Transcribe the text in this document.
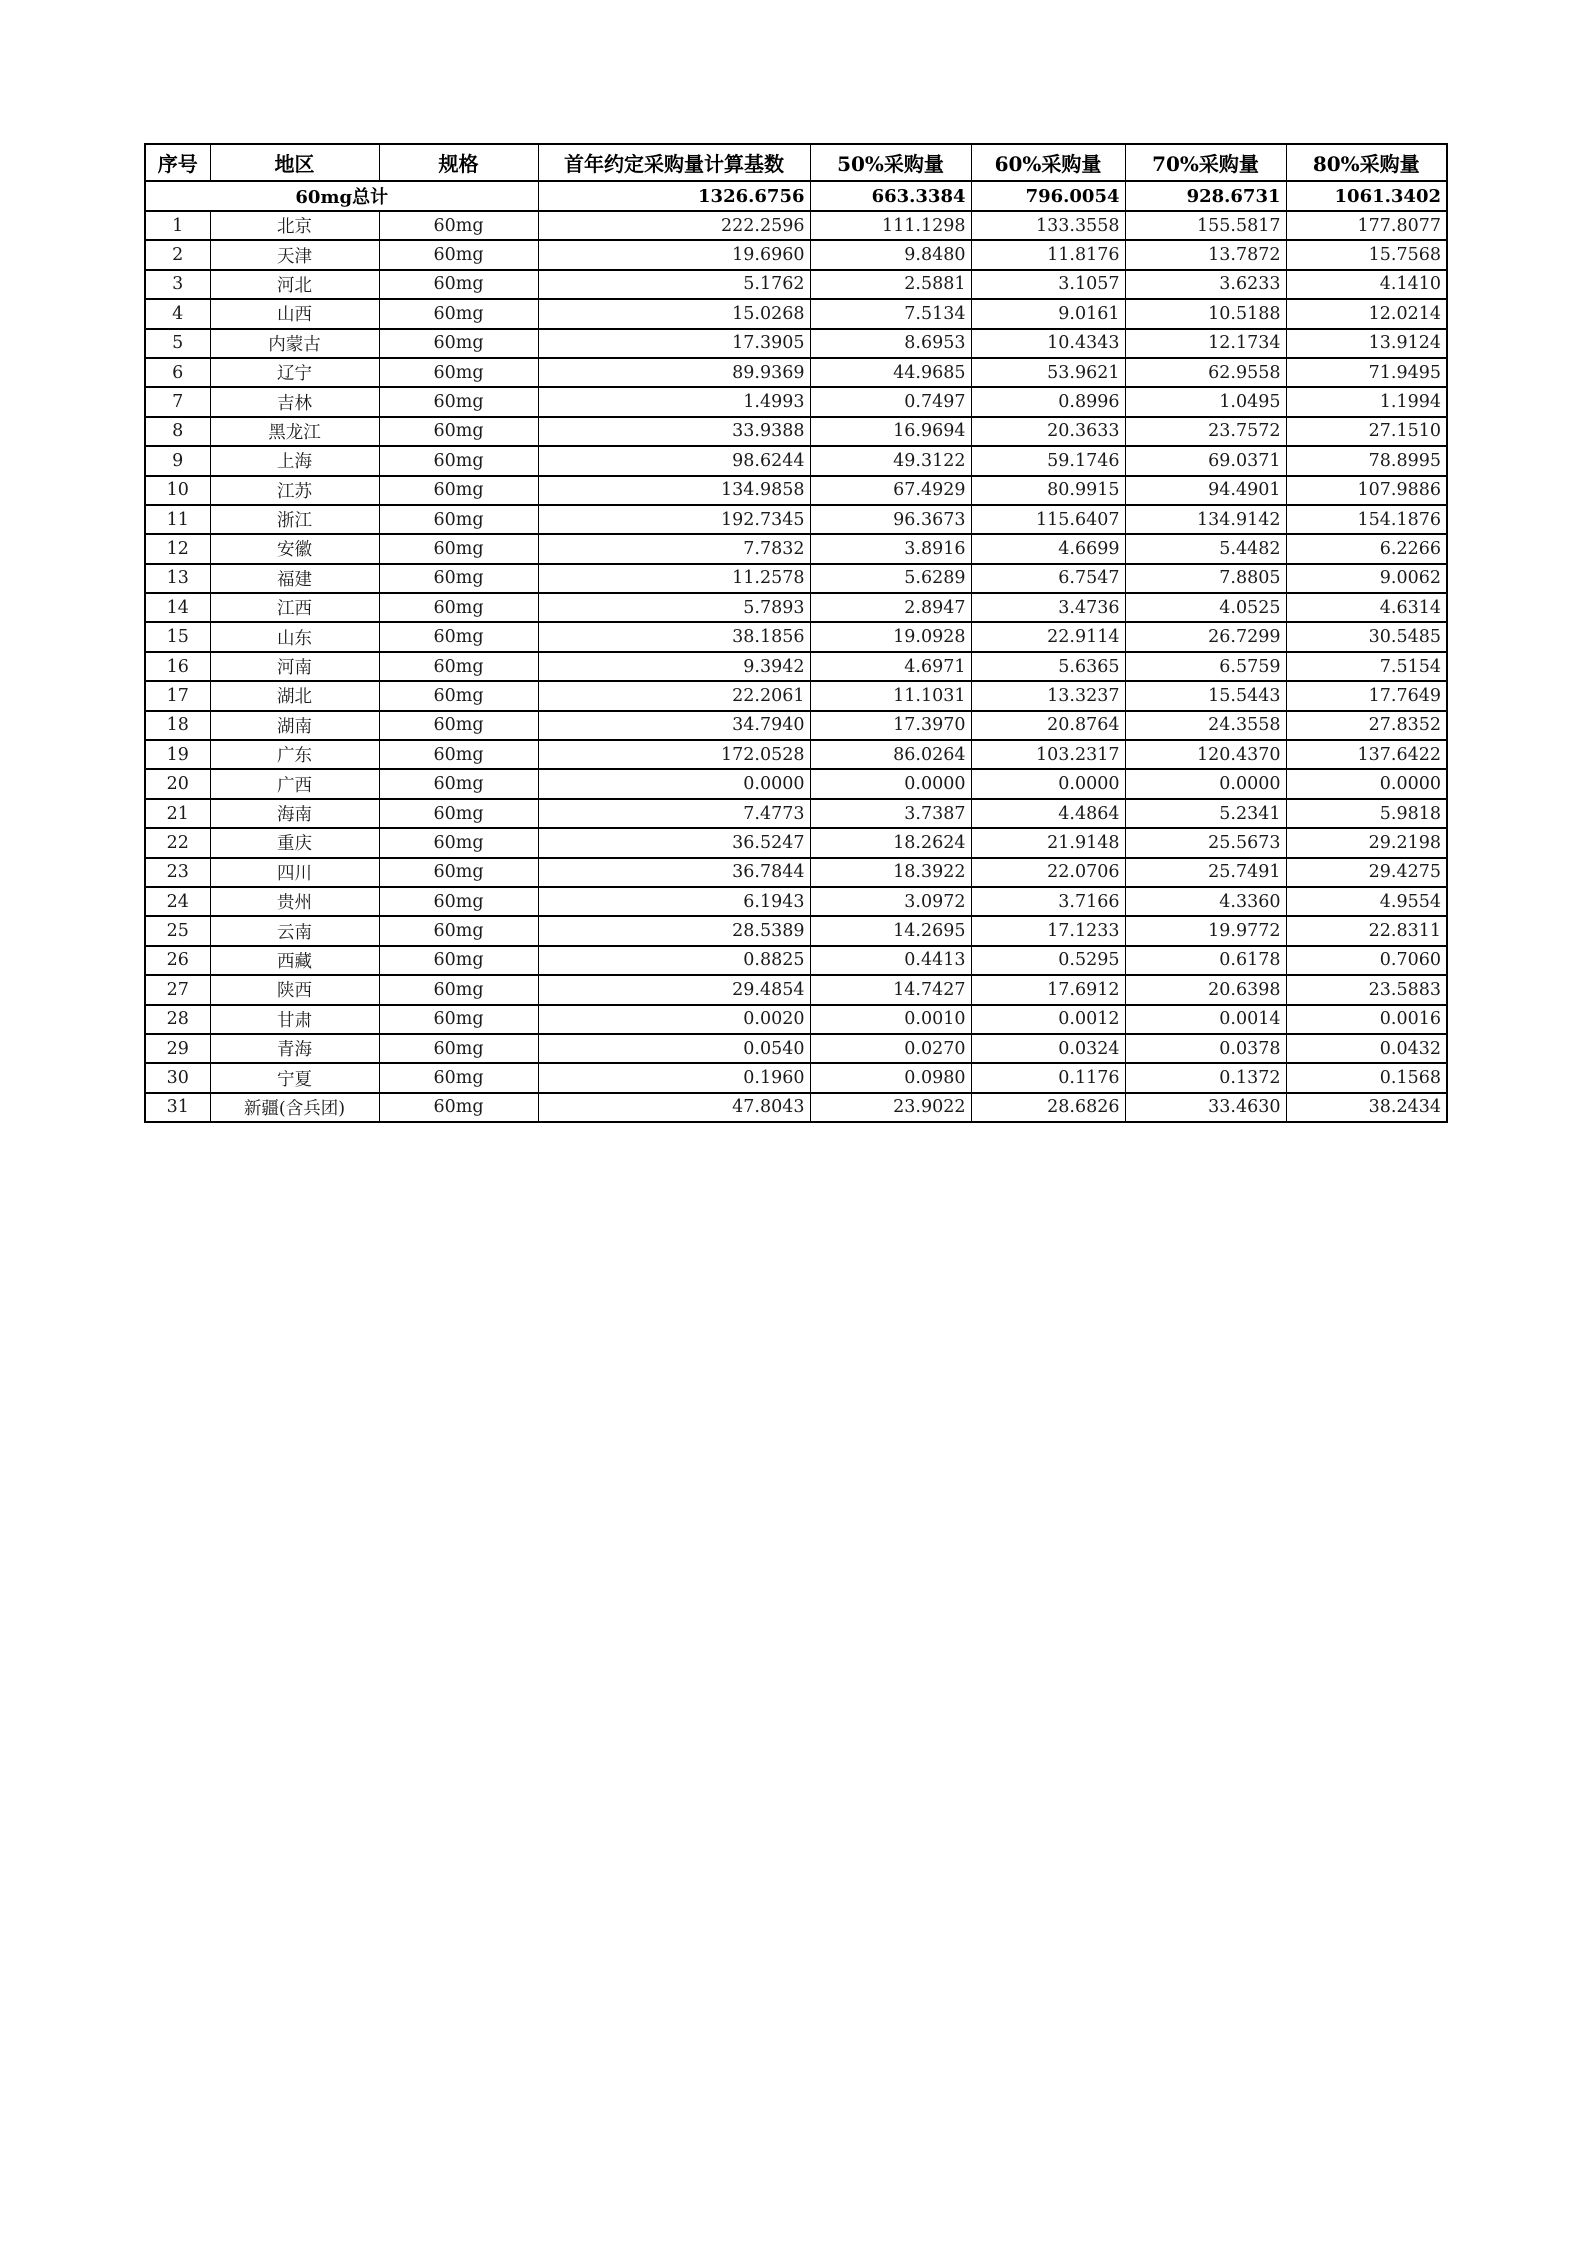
序号	地区	规格	首年约定采购量计算基数	50%采购量	60%采购量	70%采购量	80%采购量
60mg总计			1326.6756	663.3384	796.0054	928.6731	1061.3402
1	北京	60mg	222.2596	111.1298	133.3558	155.5817	177.8077
2	天津	60mg	19.6960	9.8480	11.8176	13.7872	15.7568
3	河北	60mg	5.1762	2.5881	3.1057	3.6233	4.1410
4	山西	60mg	15.0268	7.5134	9.0161	10.5188	12.0214
5	内蒙古	60mg	17.3905	8.6953	10.4343	12.1734	13.9124
6	辽宁	60mg	89.9369	44.9685	53.9621	62.9558	71.9495
7	吉林	60mg	1.4993	0.7497	0.8996	1.0495	1.1994
8	黑龙江	60mg	33.9388	16.9694	20.3633	23.7572	27.1510
9	上海	60mg	98.6244	49.3122	59.1746	69.0371	78.8995
10	江苏	60mg	134.9858	67.4929	80.9915	94.4901	107.9886
11	浙江	60mg	192.7345	96.3673	115.6407	134.9142	154.1876
12	安徽	60mg	7.7832	3.8916	4.6699	5.4482	6.2266
13	福建	60mg	11.2578	5.6289	6.7547	7.8805	9.0062
14	江西	60mg	5.7893	2.8947	3.4736	4.0525	4.6314
15	山东	60mg	38.1856	19.0928	22.9114	26.7299	30.5485
16	河南	60mg	9.3942	4.6971	5.6365	6.5759	7.5154
17	湖北	60mg	22.2061	11.1031	13.3237	15.5443	17.7649
18	湖南	60mg	34.7940	17.3970	20.8764	24.3558	27.8352
19	广东	60mg	172.0528	86.0264	103.2317	120.4370	137.6422
20	广西	60mg	0.0000	0.0000	0.0000	0.0000	0.0000
21	海南	60mg	7.4773	3.7387	4.4864	5.2341	5.9818
22	重庆	60mg	36.5247	18.2624	21.9148	25.5673	29.2198
23	四川	60mg	36.7844	18.3922	22.0706	25.7491	29.4275
24	贵州	60mg	6.1943	3.0972	3.7166	4.3360	4.9554
25	云南	60mg	28.5389	14.2695	17.1233	19.9772	22.8311
26	西藏	60mg	0.8825	0.4413	0.5295	0.6178	0.7060
27	陕西	60mg	29.4854	14.7427	17.6912	20.6398	23.5883
28	甘肃	60mg	0.0020	0.0010	0.0012	0.0014	0.0016
29	青海	60mg	0.0540	0.0270	0.0324	0.0378	0.0432
30	宁夏	60mg	0.1960	0.0980	0.1176	0.1372	0.1568
31	新疆(含兵团)	60mg	47.8043	23.9022	28.6826	33.4630	38.2434
